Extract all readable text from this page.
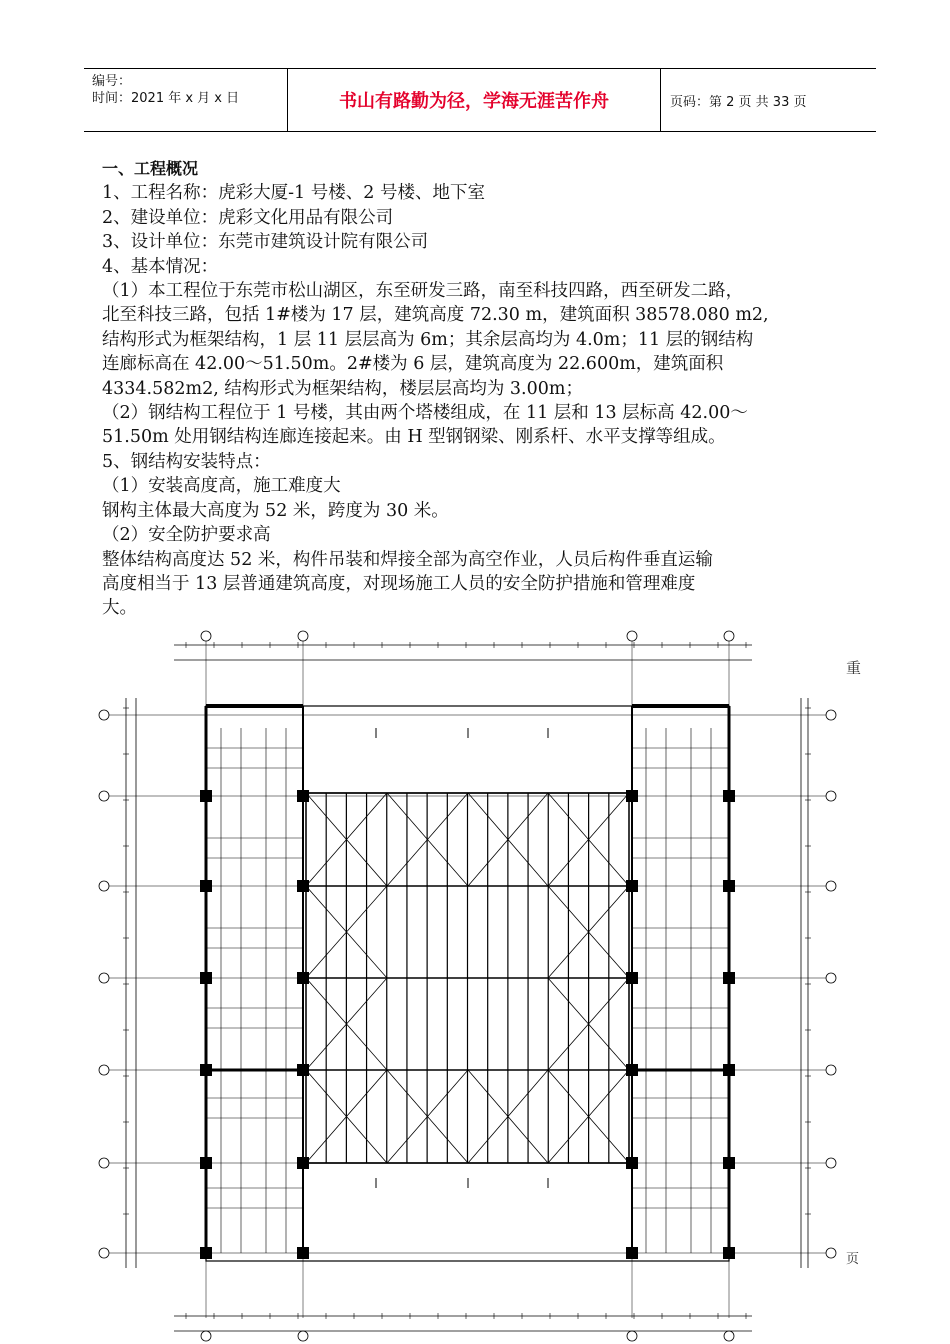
编号：
时间：2021 年 x 月 x 日	书山有路勤为径，学海无涯苦作舟	页码：第 2 页 共 33 页

一、工程概况

1、工程名称：虎彩大厦-1 号楼、2 号楼、地下室

2、建设单位：虎彩文化用品有限公司

3、设计单位：东莞市建筑设计院有限公司

4、基本情况：

（1）本工程位于东莞市松山湖区，东至研发三路，南至科技四路，西至研发二路，

北至科技三路，包括 1#楼为 17 层，建筑高度 72.30 m，建筑面积 38578.080 m2,

结构形式为框架结构，1 层 11 层层高为 6m；其余层高均为 4.0m；11 层的钢结构

连廊标高在 42.00～51.50m。2#楼为 6 层，建筑高度为 22.600m，建筑面积

4334.582m2, 结构形式为框架结构，楼层层高均为 3.00m；

（2）钢结构工程位于 1 号楼，其由两个塔楼组成，在 11 层和 13 层标高 42.00～

51.50m 处用钢结构连廊连接起来。由 H 型钢钢梁、刚系杆、水平支撑等组成。

5、钢结构安装特点：

（1）安装高度高，施工难度大

钢构主体最大高度为 52 米，跨度为 30 米。

（2）安全防护要求高

整体结构高度达 52 米，构件吊装和焊接全部为高空作业，人员后构件垂直运输

高度相当于 13 层普通建筑高度，对现场施工人员的安全防护措施和管理难度

大。

重
页
